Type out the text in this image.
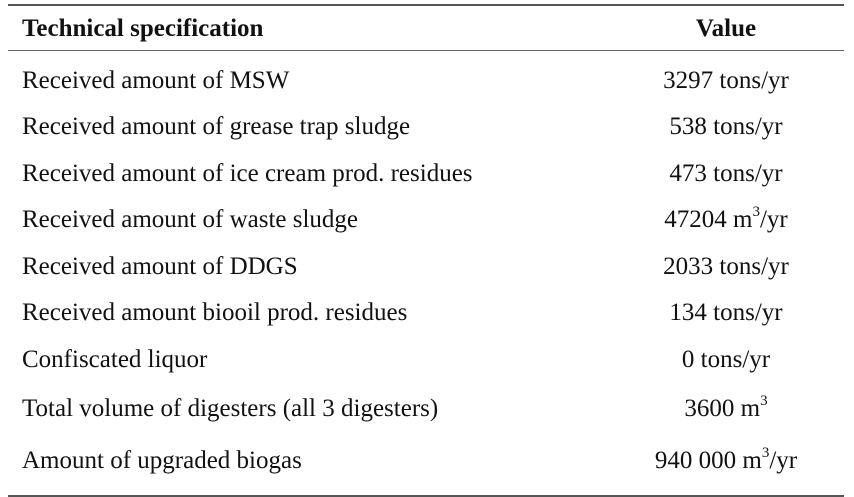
Technical specification	Value
Received amount of MSW	3297 tons/yr
Received amount of grease trap sludge	538 tons/yr
Received amount of ice cream prod. residues	473 tons/yr
Received amount of waste sludge	47204 $m^3/yr$
Received amount of DDGS	2033 tons/yr
Received amount biooil prod. residues	134 tons/yr
Confiscated liquor	0 tons/yr
Total volume of digesters (all 3 digesters)	3600 $m^3$
Amount of upgraded biogas	940 000 $m^3/yr$
